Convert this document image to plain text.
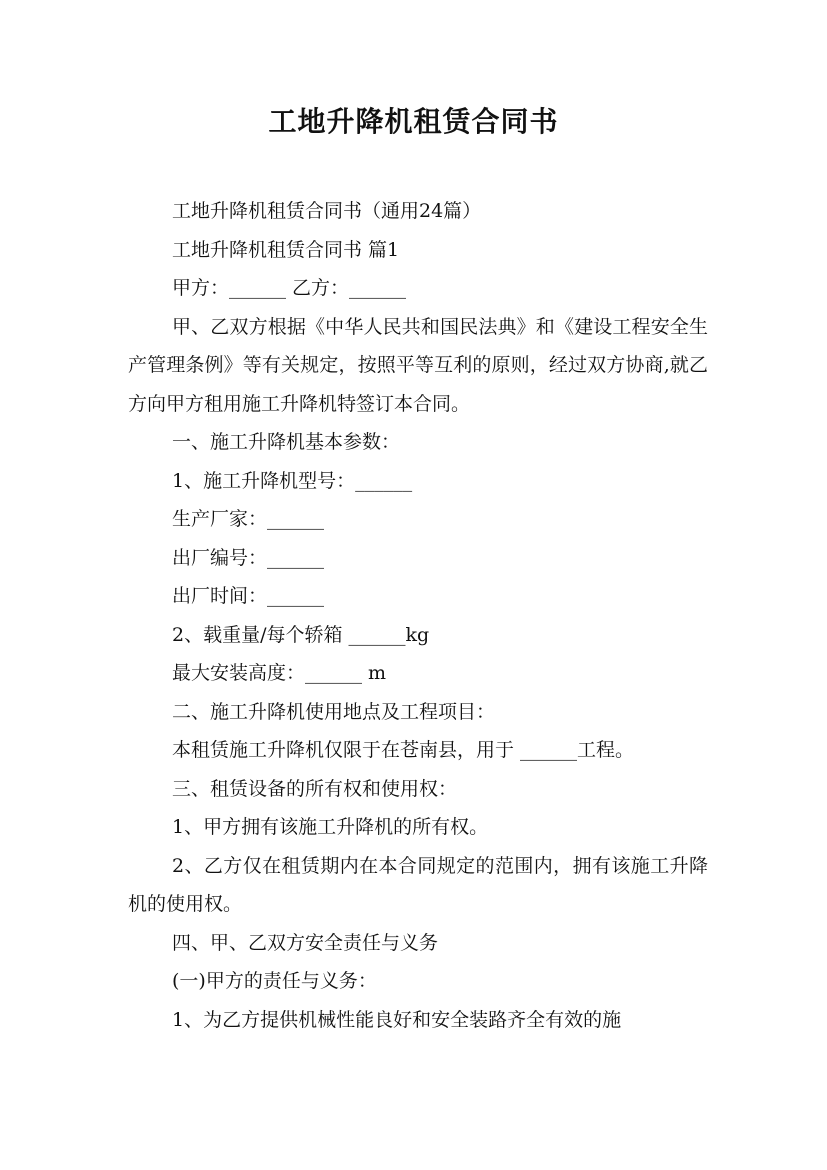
工地升降机租赁合同书

工地升降机租赁合同书（通用24篇）

工地升降机租赁合同书 篇1

甲方：______ 乙方：______

甲、乙双方根据《中华人民共和国民法典》和《建设工程安全生产管理条例》等有关规定，按照平等互利的原则，经过双方协商,就乙方向甲方租用施工升降机特签订本合同。

一、施工升降机基本参数：

1、施工升降机型号：______

生产厂家：______

出厂编号：______

出厂时间：______

2、载重量/每个轿箱 ______kg

最大安装高度：______ m

二、施工升降机使用地点及工程项目：

本租赁施工升降机仅限于在苍南县，用于 ______工程。

三、租赁设备的所有权和使用权：

1、甲方拥有该施工升降机的所有权。

2、乙方仅在租赁期内在本合同规定的范围内，拥有该施工升降机的使用权。

四、甲、乙双方安全责任与义务

(一)甲方的责任与义务：

1、为乙方提供机械性能良好和安全装路齐全有效的施
